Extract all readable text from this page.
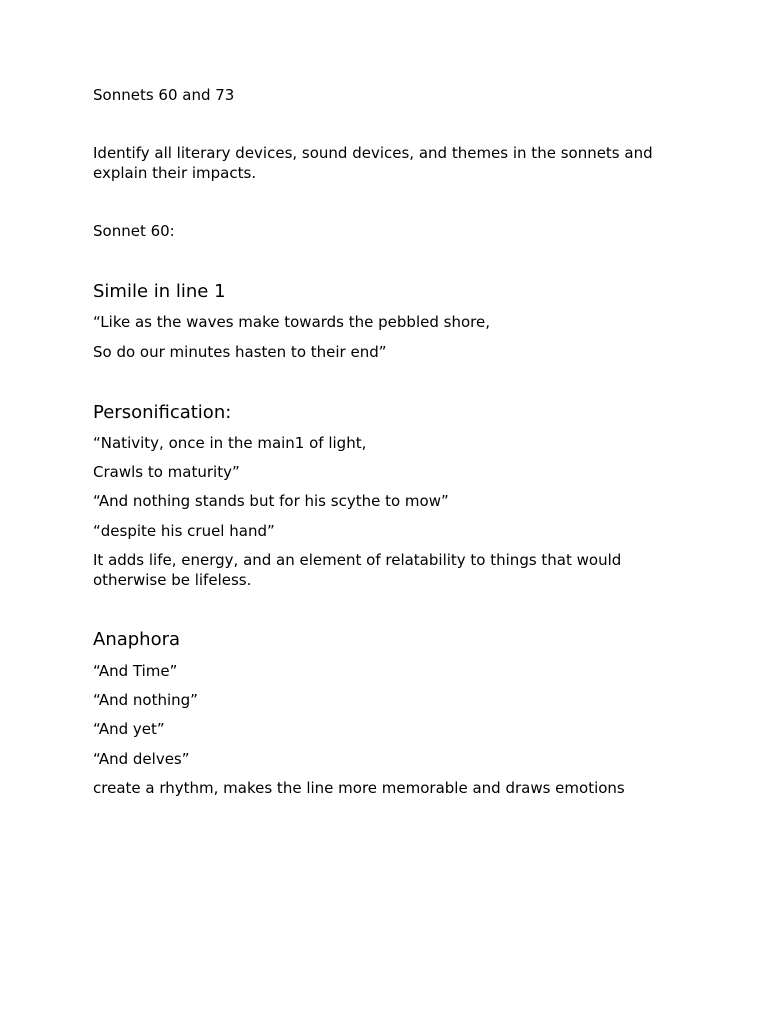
Sonnets 60 and 73

Identify all literary devices, sound devices, and themes in the sonnets and explain their impacts.

Sonnet 60:

Simile in line 1

“Like as the waves make towards the pebbled shore,

So do our minutes hasten to their end”

Personification:

“Nativity, once in the main1 of light,

Crawls to maturity”

“And nothing stands but for his scythe to mow”

“despite his cruel hand”

It adds life, energy, and an element of relatability to things that would otherwise be lifeless.

Anaphora

“And Time”

“And nothing”

“And yet”

“And delves”

create a rhythm, makes the line more memorable and draws emotions
